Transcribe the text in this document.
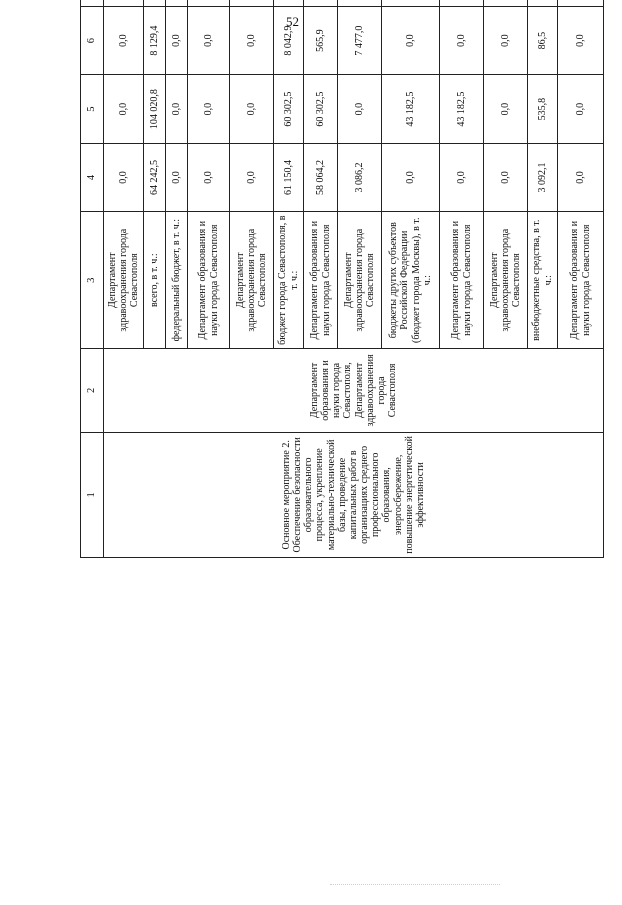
52
1	2	3	4	5	6				
Основное мероприятие 2. Обеспечение безопасности образовательного процесса, укрепление материально-технической базы, проведение капитальных работ в организациях среднего профессионального образования, энергосбережение, повышение энергетической эффективности	Департамент образования и науки города Севастополя, Департамент здравоохранения города Севастополя	Департамент здравоохранения города Севастополя	0,0	0,0	0,0				
		всего, в т. ч.:	64 242,5	104 020,8	8 129,4				
		федеральный бюджет, в т. ч.:	0,0	0,0	0,0				
		Департамент образования и науки города Севастополя	0,0	0,0	0,0				
		Департамент здравоохранения города Севастополя	0,0	0,0	0,0				
		бюджет города Севастополя, в т. ч.:	61 150,4	60 302,5	8 042,9				
		Департамент образования и науки города Севастополя	58 064,2	60 302,5	565,9				
		Департамент здравоохранения города Севастополя	3 086,2	0,0	7 477,0				
		бюджеты других субъектов Российской Федерации (бюджет города Москвы), в т. ч.:	0,0	43 182,5	0,0				
		Департамент образования и науки города Севастополя	0,0	43 182,5	0,0				
		Департамент здравоохранения города Севастополя	0,0	0,0	0,0				
		внебюджетные средства, в т. ч.:	3 092,1	535,8	86,5				
		Департамент образования и науки города Севастополя	0,0	0,0	0,0				
